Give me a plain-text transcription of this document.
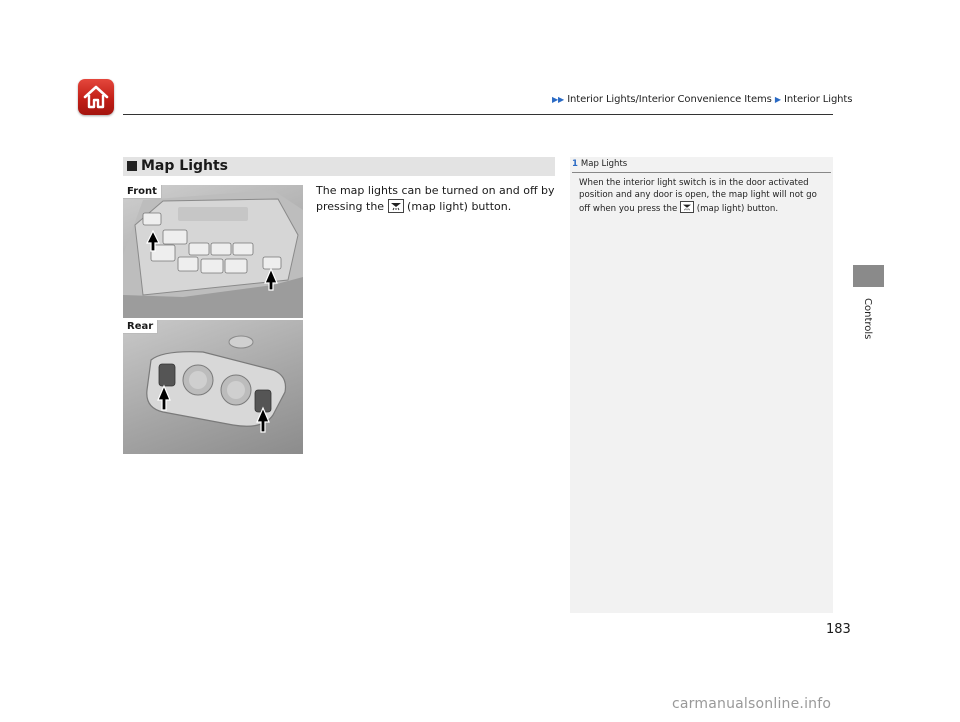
▶▶ Interior Lights/Interior Convenience Items ▶ Interior Lights
Map Lights
The map lights can be turned on and off by pressing the
(map light) button.
Front
Rear
1 Map Lights
When the interior light switch is in the door activated position and any door is open, the map light will not go off when you press the
(map light) button.
Controls
183
carmanualsonline.info
